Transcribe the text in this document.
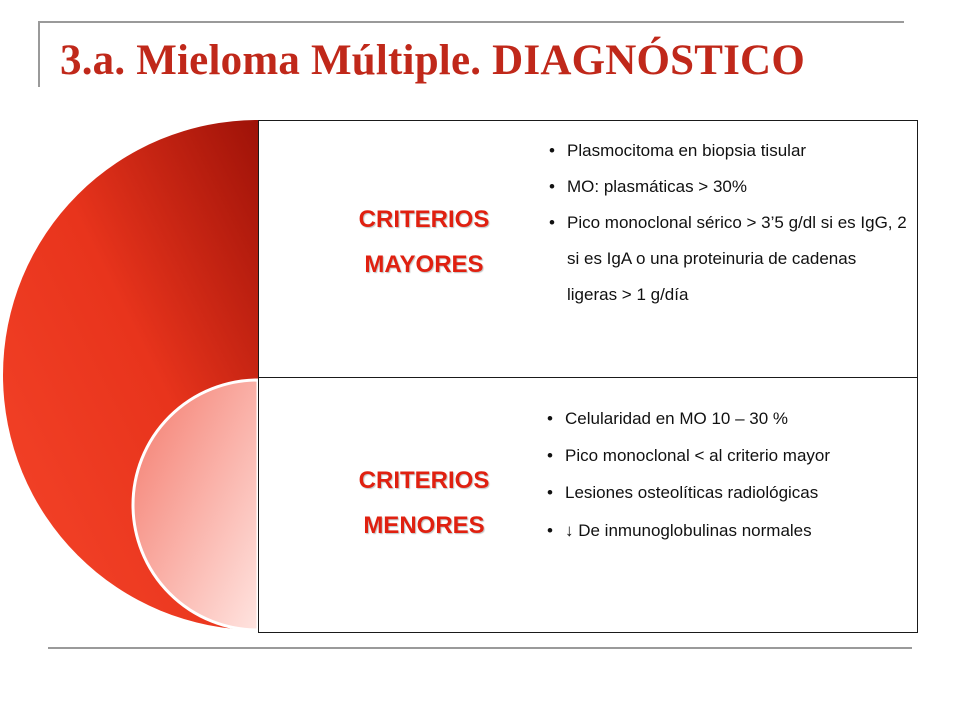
3.a. Mieloma Múltiple. DIAGNÓSTICO
CRITERIOS
MAYORES
• Plasmocitoma en biopsia tisular
• MO: plasmáticas > 30%
• Pico monoclonal sérico > 3’5 g/dl si es IgG, 2 si es IgA o una proteinuria de cadenas ligeras > 1 g/día
CRITERIOS
MENORES
• Celularidad en MO 10 – 30 %
• Pico monoclonal < al criterio mayor
• Lesiones osteolíticas radiológicas
• ↓ De inmunoglobulinas normales
